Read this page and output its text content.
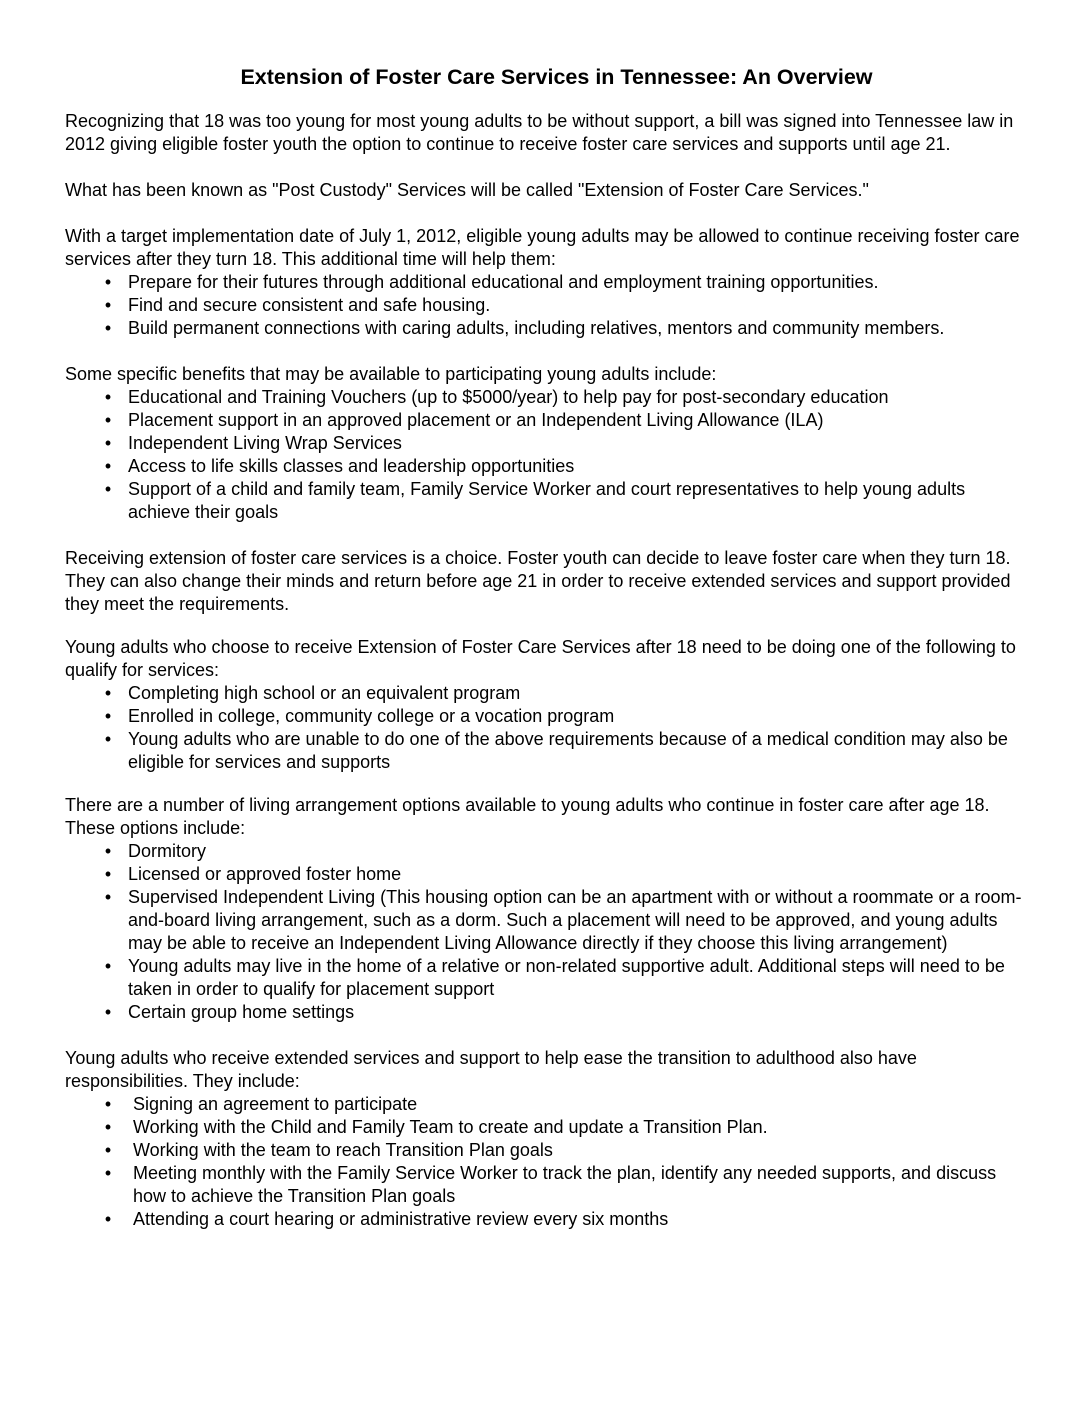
Extension of Foster Care Services in Tennessee: An Overview

Recognizing that 18 was too young for most young adults to be without support, a bill was signed into Tennessee law in 2012 giving eligible foster youth the option to continue to receive foster care services and supports until age 21.

What has been known as "Post Custody" Services will be called "Extension of Foster Care Services."

With a target implementation date of July 1, 2012, eligible young adults may be allowed to continue receiving foster care services after they turn 18. This additional time will help them:

• Prepare for their futures through additional educational and employment training opportunities.
• Find and secure consistent and safe housing.
• Build permanent connections with caring adults, including relatives, mentors and community members.

Some specific benefits that may be available to participating young adults include:

• Educational and Training Vouchers (up to $5000/year) to help pay for post-secondary education
• Placement support in an approved placement or an Independent Living Allowance (ILA)
• Independent Living Wrap Services
• Access to life skills classes and leadership opportunities
• Support of a child and family team, Family Service Worker and court representatives to help young adults achieve their goals

Receiving extension of foster care services is a choice. Foster youth can decide to leave foster care when they turn 18. They can also change their minds and return before age 21 in order to receive extended services and support provided they meet the requirements.

Young adults who choose to receive Extension of Foster Care Services after 18 need to be doing one of the following to qualify for services:

• Completing high school or an equivalent program
• Enrolled in college, community college or a vocation program
• Young adults who are unable to do one of the above requirements because of a medical condition may also be eligible for services and supports

There are a number of living arrangement options available to young adults who continue in foster care after age 18. These options include:

• Dormitory
• Licensed or approved foster home
• Supervised Independent Living (This housing option can be an apartment with or without a roommate or a room-and-board living arrangement, such as a dorm. Such a placement will need to be approved, and young adults may be able to receive an Independent Living Allowance directly if they choose this living arrangement)
• Young adults may live in the home of a relative or non-related supportive adult. Additional steps will need to be taken in order to qualify for placement support
• Certain group home settings

Young adults who receive extended services and support to help ease the transition to adulthood also have responsibilities. They include:

•	Signing an agreement to participate
•	Working with the Child and Family Team to create and update a Transition Plan.
•	Working with the team to reach Transition Plan goals
•	Meeting monthly with the Family Service Worker to track the plan, identify any needed supports, and discuss how to achieve the Transition Plan goals
•	Attending a court hearing or administrative review every six months
